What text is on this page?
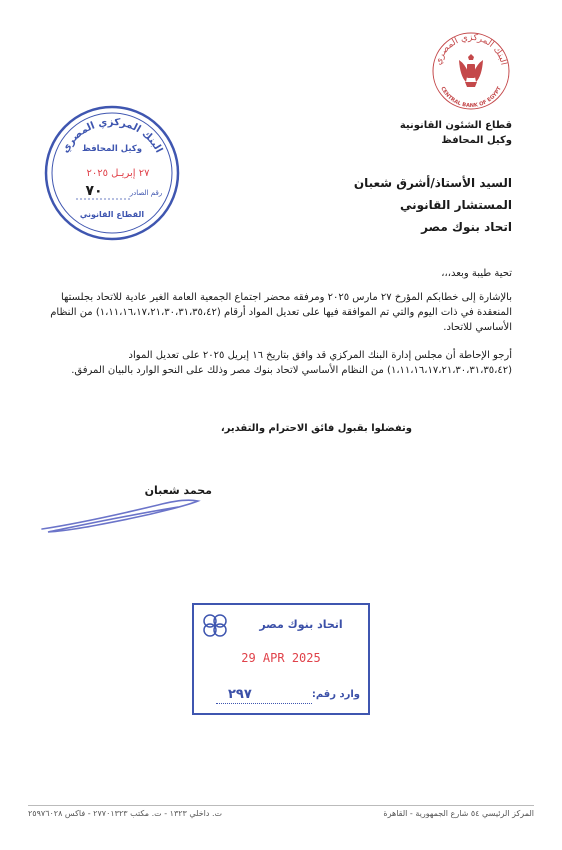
البنك المركزي المصري
CENTRAL BANK OF EGYPT
قطاع الشئون القانونية
وكيل المحافظ
البنك المركزي المصري
وكيل المحافظ
٢٧ إبريـل ٢٠٢٥
٧٠	رقم الصادر
القطاع القانوني
السيد الأستاذ/أشرق شعبان
المستشار القانوني
اتحاد بنوك مصر
تحية طيبة وبعد،،،
بالإشارة إلى خطابكم المؤرخ ٢٧ مارس ٢٠٢٥ ومرفقه محضر اجتماع الجمعية العامة الغير عادية للاتحاد بجلستها المنعقدة في ذات اليوم والتي تم الموافقة فيها على تعديل المواد أرقام (١،١١،١٦،١٧،٢١،٣٠،٣١،٣٥،٤٢) من النظام الأساسي للاتحاد.
أرجو الإحاطة أن مجلس إدارة البنك المركزي قد وافق بتاريخ ١٦ إبريل ٢٠٢٥ على تعديل المواد (١،١١،١٦،١٧،٢١،٣٠،٣١،٣٥،٤٢) من النظام الأساسي لاتحاد بنوك مصر وذلك على النحو الوارد بالبيان المرفق.
وتفضلوا بقبول فائق الاحترام والتقدير،
محمد شعبان
اتحاد بنوك مصر
29 APR 2025
٢٩٧	وارد رقم:
المركز الرئيسي ٥٤ شارع الجمهورية - القاهرة
ت. داخلي ١٣٢٣ - ت. مكتب ٢٧٧٠١٣٢٣ - فاكس ٢٥٩٧٦٠٢٨
